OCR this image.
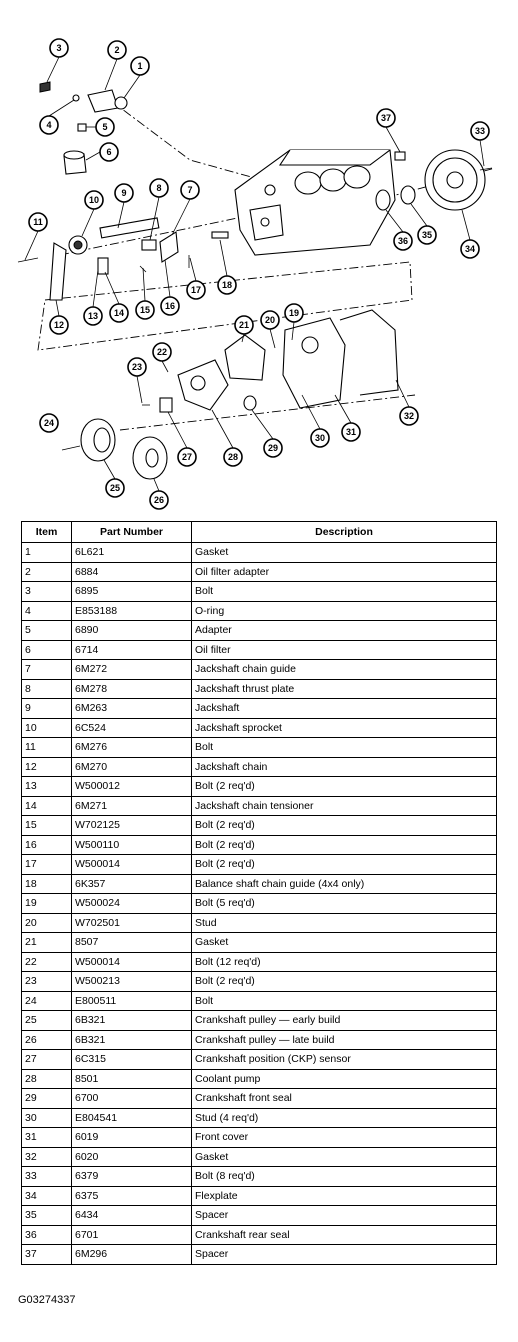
1
2
3
4	5
6
7
8
9
10
11
12
13 14 15 16
17 18
19
20
21
22
23
24
25
26
27	28
29
30
31
32
33
34
35
36
37
Item	Part Number	Description
1	6L621	Gasket
2	6884	Oil filter adapter
3	6895	Bolt
4	E853188	O-ring
5	6890	Adapter
6	6714	Oil filter
7	6M272	Jackshaft chain guide
8	6M278	Jackshaft thrust plate
9	6M263	Jackshaft
10	6C524	Jackshaft sprocket
11	6M276	Bolt
12	6M270	Jackshaft chain
13	W500012	Bolt (2 req'd)
14	6M271	Jackshaft chain tensioner
15	W702125	Bolt (2 req'd)
16	W500110	Bolt (2 req'd)
17	W500014	Bolt (2 req'd)
18	6K357	Balance shaft chain guide (4x4 only)
19	W500024	Bolt (5 req'd)
20	W702501	Stud
21	8507	Gasket
22	W500014	Bolt (12 req'd)
23	W500213	Bolt (2 req'd)
24	E800511	Bolt
25	6B321	Crankshaft pulley — early build
26	6B321	Crankshaft pulley — late build
27	6C315	Crankshaft position (CKP) sensor
28	8501	Coolant pump
29	6700	Crankshaft front seal
30	E804541	Stud (4 req'd)
31	6019	Front cover
32	6020	Gasket
33	6379	Bolt (8 req'd)
34	6375	Flexplate
35	6434	Spacer
36	6701	Crankshaft rear seal
37	6M296	Spacer
G03274337
